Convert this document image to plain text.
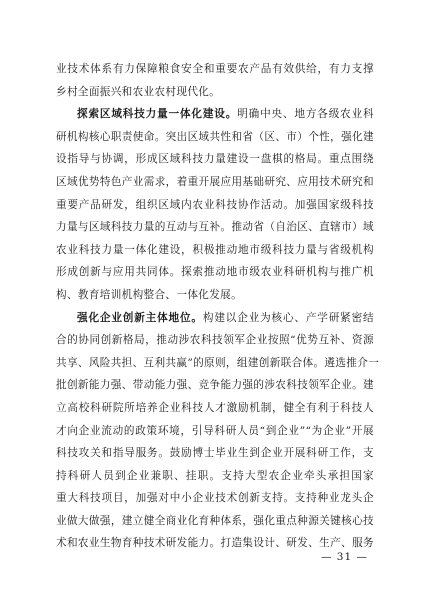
业技术体系有力保障粮食安全和重要农产品有效供给，有力支撑

乡村全面振兴和农业农村现代化。

探索区域科技力量一体化建设。明确中央、地方各级农业科

研机构核心职责使命。突出区域共性和省（区、市）个性，强化建

设指导与协调，形成区域科技力量建设一盘棋的格局。重点围绕

区域优势特色产业需求，着重开展应用基础研究、应用技术研究和

重要产品研发，组织区域内农业科技协作活动。加强国家级科技

力量与区域科技力量的互动与互补。推动省（自治区、直辖市）域

农业科技力量一体化建设，积极推动地市级科技力量与省级机构

形成创新与应用共同体。探索推动地市级农业科研机构与推广机

构、教育培训机构整合、一体化发展。

强化企业创新主体地位。构建以企业为核心、产学研紧密结

合的协同创新格局，推动涉农科技领军企业按照“优势互补、资源

共享、风险共担、互利共赢”的原则，组建创新联合体。遴选推介一

批创新能力强、带动能力强、竞争能力强的涉农科技领军企业。建

立高校科研院所培养企业科技人才激励机制，健全有利于科技人

才向企业流动的政策环境，引导科研人员“到企业”“为企业”开展

科技攻关和指导服务。鼓励博士毕业生到企业开展科研工作，支

持科研人员到企业兼职、挂职。支持大型农企业牵头承担国家

重大科技项目，加强对中小企业技术创新支持。支持种业龙头企

业做大做强，建立健全商业化育种体系，强化重点种源关键核心技

术和农业生物育种技术研发能力。打造集设计、研发、生产、服务

— 31 —
